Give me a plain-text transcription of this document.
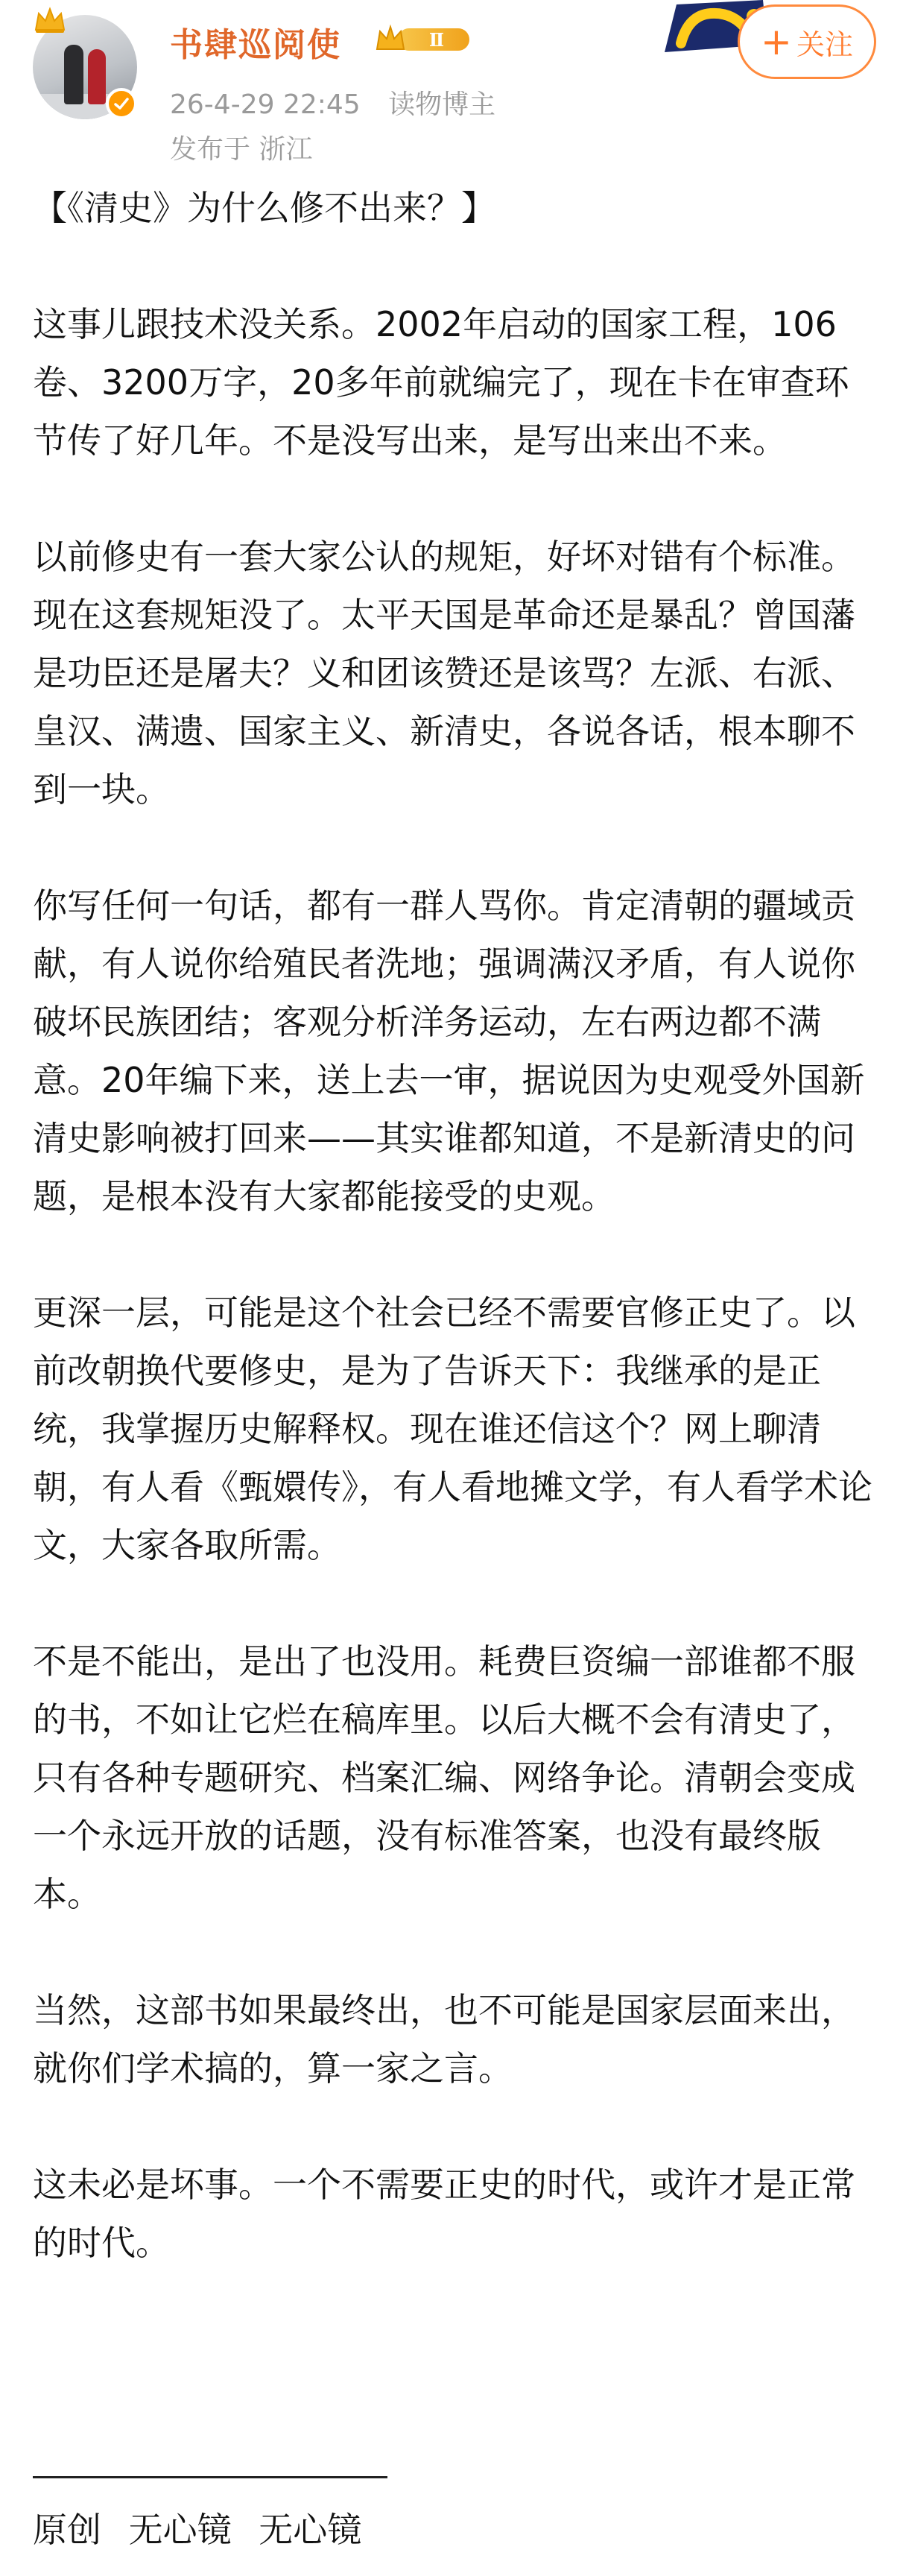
书肆巡阅使	Ⅱ
26-4-29 22:45 读物博主
发布于 浙江
+ 关注

【《清史》为什么修不出来？】

这事儿跟技术没关系。2002年启动的国家工程，106卷、3200万字，20多年前就编完了，现在卡在审查环节传了好几年。不是没写出来，是写出来出不来。

以前修史有一套大家公认的规矩，好坏对错有个标准。现在这套规矩没了。太平天国是革命还是暴乱？曾国藩是功臣还是屠夫？义和团该赞还是该骂？左派、右派、皇汉、满遗、国家主义、新清史，各说各话，根本聊不到一块。

你写任何一句话，都有一群人骂你。肯定清朝的疆域贡献，有人说你给殖民者洗地；强调满汉矛盾，有人说你破坏民族团结；客观分析洋务运动，左右两边都不满意。20年编下来，送上去一审，据说因为史观受外国新清史影响被打回来——其实谁都知道，不是新清史的问题，是根本没有大家都能接受的史观。

更深一层，可能是这个社会已经不需要官修正史了。以前改朝换代要修史，是为了告诉天下：我继承的是正统，我掌握历史解释权。现在谁还信这个？网上聊清朝，有人看《甄嬛传》，有人看地摊文学，有人看学术论文，大家各取所需。

不是不能出，是出了也没用。耗费巨资编一部谁都不服的书，不如让它烂在稿库里。以后大概不会有清史了，只有各种专题研究、档案汇编、网络争论。清朝会变成一个永远开放的话题，没有标准答案，也没有最终版本。

当然，这部书如果最终出，也不可能是国家层面来出，就你们学术搞的，算一家之言。

这未必是坏事。一个不需要正史的时代，或许才是正常的时代。

原创 无心镜 无心镜
